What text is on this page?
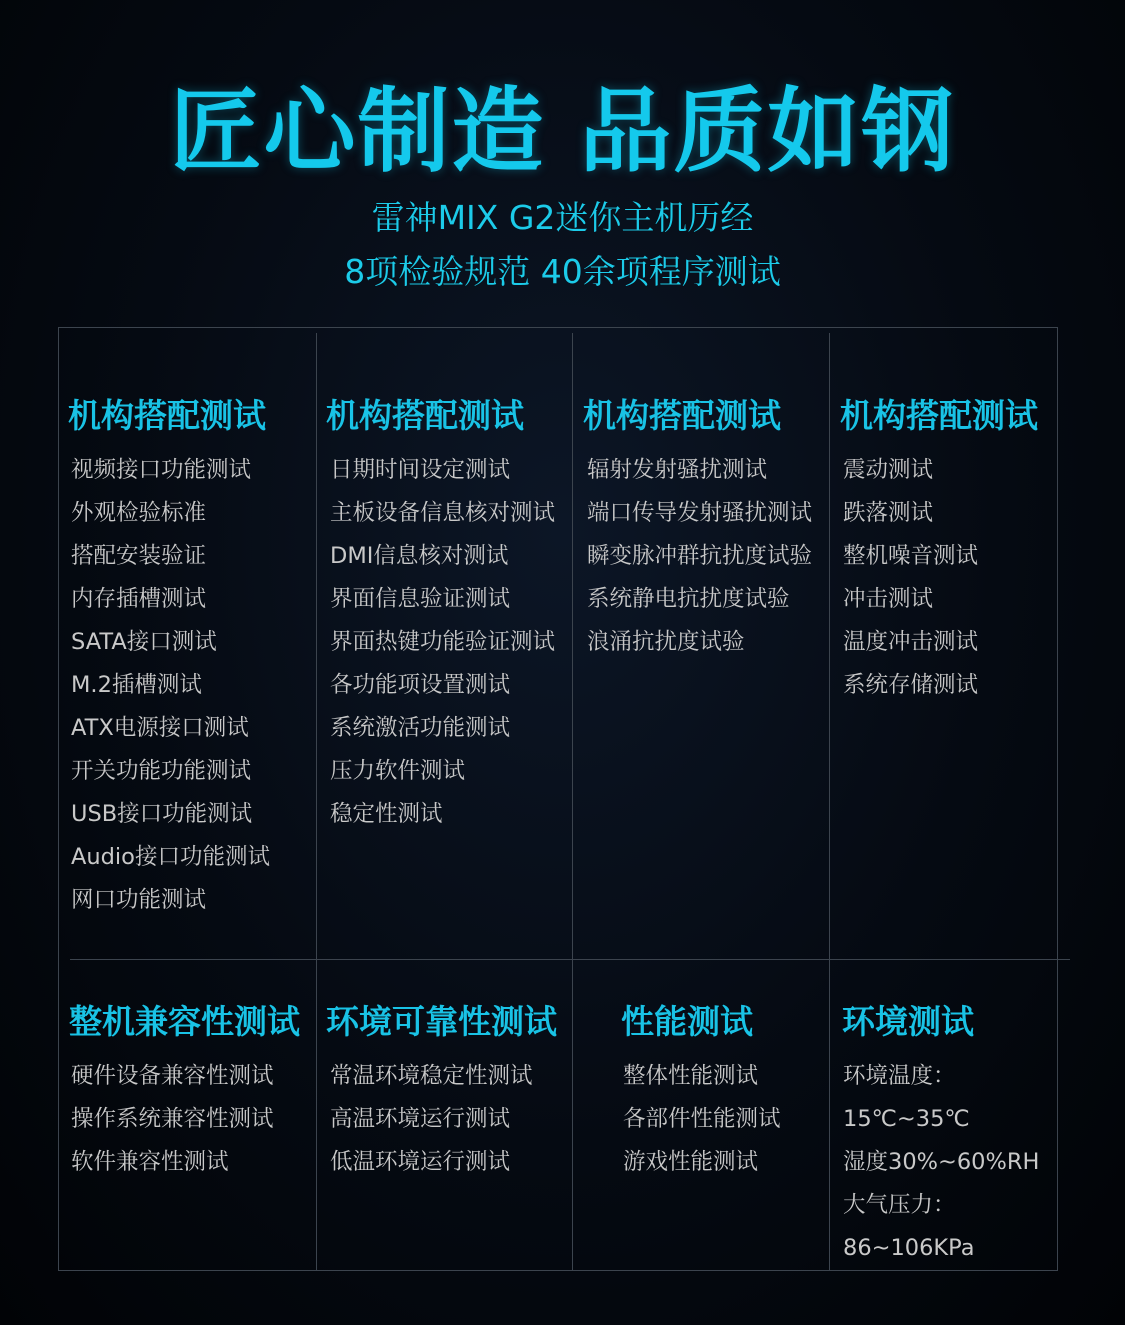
匠心制造 品质如钢
雷神MIX G2迷你主机历经
8项检验规范 40余项程序测试
机构搭配测试
视频接口功能测试
外观检验标准
搭配安装验证
内存插槽测试
SATA接口测试
M.2插槽测试
ATX电源接口测试
开关功能功能测试
USB接口功能测试
Audio接口功能测试
网口功能测试
机构搭配测试
日期时间设定测试
主板设备信息核对测试
DMI信息核对测试
界面信息验证测试
界面热键功能验证测试
各功能项设置测试
系统激活功能测试
压力软件测试
稳定性测试
机构搭配测试
辐射发射骚扰测试
端口传导发射骚扰测试
瞬变脉冲群抗扰度试验
系统静电抗扰度试验
浪涌抗扰度试验
机构搭配测试
震动测试
跌落测试
整机噪音测试
冲击测试
温度冲击测试
系统存储测试
整机兼容性测试
硬件设备兼容性测试
操作系统兼容性测试
软件兼容性测试
环境可靠性测试
常温环境稳定性测试
高温环境运行测试
低温环境运行测试
性能测试
整体性能测试
各部件性能测试
游戏性能测试
环境测试
环境温度：
15℃~35℃
湿度30%~60%RH
大气压力：
86~106KPa
